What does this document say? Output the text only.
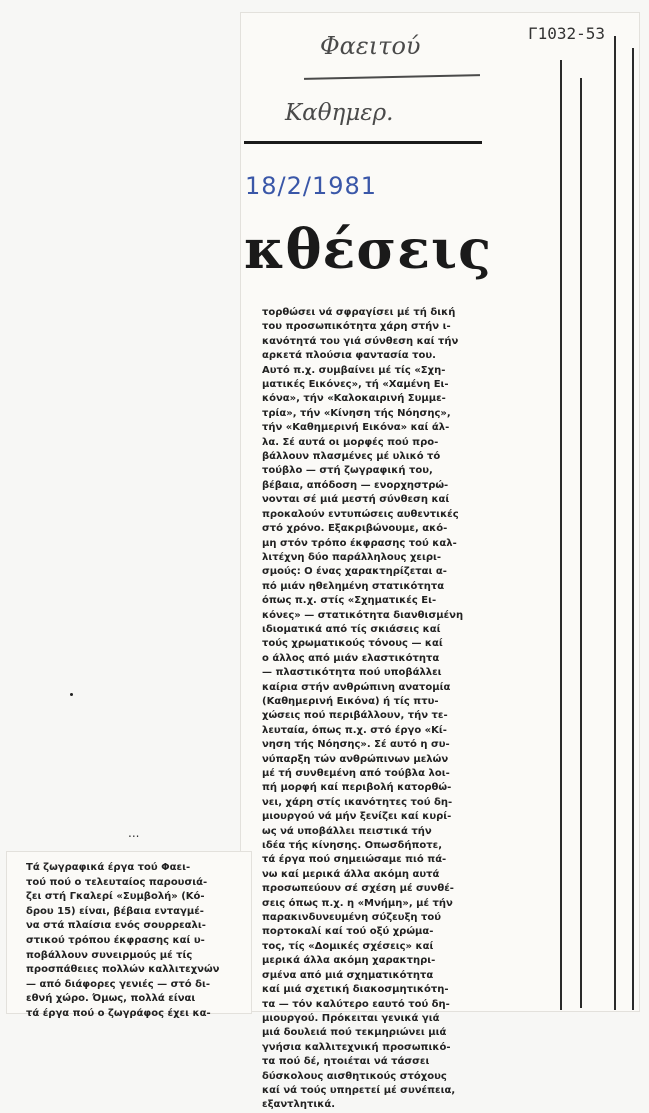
Φαειτού
Καθημερ.
Γ1032-53
18/2/1981
κθέσεις
τορθώσει νά σφραγίσει μέ τή δική
του προσωπικότητα χάρη στήν ι-
κανότητά του γιά σύνθεση καί τήν
αρκετά πλούσια φαντασία του.
Αυτό π.χ. συμβαίνει μέ τίς «Σχη-
ματικές Εικόνες», τή «Χαμένη Ει-
κόνα», τήν «Καλοκαιρινή Συμμε-
τρία», τήν «Κίνηση τής Νόησης»,
τήν «Καθημερινή Εικόνα» καί άλ-
λα. Σέ αυτά οι μορφές πού προ-
βάλλουν πλασμένες μέ υλικό τό
τούβλο — στή ζωγραφική του,
βέβαια, απόδοση — ενορχηστρώ-
νονται σέ μιά μεστή σύνθεση καί
προκαλούν εντυπώσεις αυθεντικές
στό χρόνο. Εξακριβώνουμε, ακό-
μη στόν τρόπο έκφρασης τού καλ-
λιτέχνη δύο παράλληλους χειρι-
σμούς: Ο ένας χαρακτηρίζεται α-
πό μιάν ηθελημένη στατικότητα
όπως π.χ. στίς «Σχηματικές Ει-
κόνες» — στατικότητα διανθισμένη
ιδιοματικά από τίς σκιάσεις καί
τούς χρωματικούς τόνους — καί
ο άλλος από μιάν ελαστικότητα
— πλαστικότητα πού υποβάλλει
καίρια στήν ανθρώπινη ανατομία
(Καθημερινή Εικόνα) ή τίς πτυ-
χώσεις πού περιβάλλουν, τήν τε-
λευταία, όπως π.χ. στό έργο «Κί-
νηση τής Νόησης». Σέ αυτό η συ-
νύπαρξη τών ανθρώπινων μελών
μέ τή συνθεμένη από τούβλα λοι-
πή μορφή καί περιβολή κατορθώ-
νει, χάρη στίς ικανότητες τού δη-
μιουργού νά μήν ξενίζει καί κυρί-
ως νά υποβάλλει πειστικά τήν
ιδέα τής κίνησης. Οπωσδήποτε,
τά έργα πού σημειώσαμε πιό πά-
νω καί μερικά άλλα ακόμη αυτά
προσωπεύουν σέ σχέση μέ συνθέ-
σεις όπως π.χ. η «Μνήμη», μέ τήν
παρακινδυνευμένη σύζευξη τού
πορτοκαλί καί τού οξύ χρώμα-
τος, τίς «Δομικές σχέσεις» καί
μερικά άλλα ακόμη χαρακτηρι-
σμένα από μιά σχηματικότητα
καί μιά σχετική διακοσμητικότη-
τα — τόν καλύτερο εαυτό τού δη-
μιουργού. Πρόκειται γενικά γιά
μιά δουλειά πού τεκμηριώνει μιά
γνήσια καλλιτεχνική προσωπικό-
τα πού δέ, ητοιέται νά τάσσει
δύσκολους αισθητικούς στόχους
καί νά τούς υπηρετεί μέ συνέπεια,
εξαντλητικά.
...
Τά ζωγραφικά έργα τού Φαει-
τού πού ο τελευταίος παρουσιά-
ζει στή Γκαλερί «Συμβολή» (Κό-
δρου 15) είναι, βέβαια ενταγμέ-
να στά πλαίσια ενός σουρρεαλι-
στικού τρόπου έκφρασης καί υ-
ποβάλλουν συνειρμούς μέ τίς
προσπάθειες πολλών καλλιτεχνών
— από διάφορες γενιές — στό δι-
εθνή χώρο. Όμως, πολλά είναι
τά έργα πού ο ζωγράφος έχει κα-
